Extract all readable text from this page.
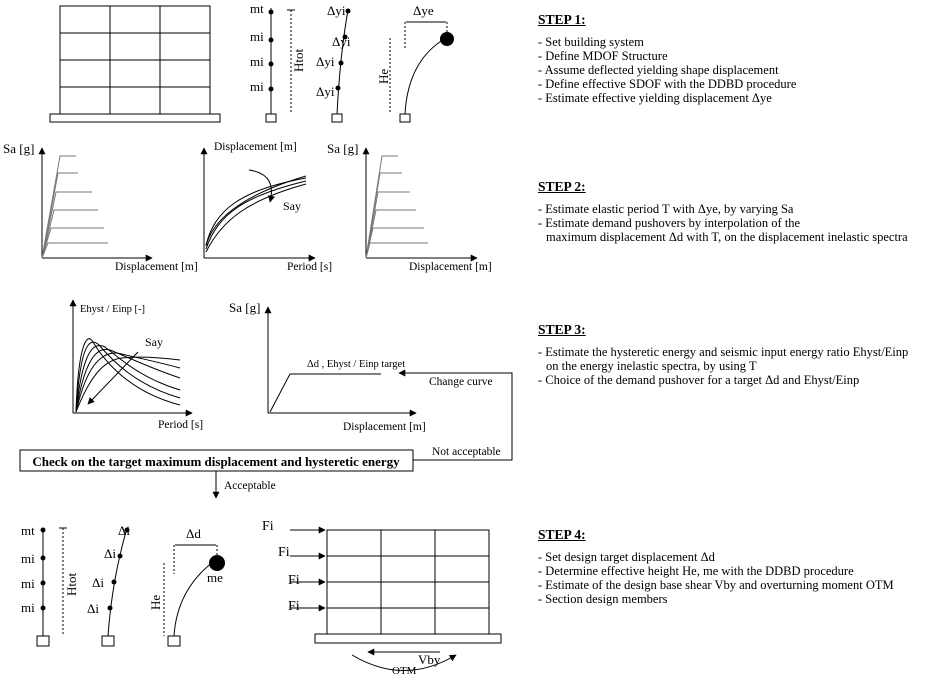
mt
mi
mi
mi
Htot
Δyi
Δyi
Δyi
Δyi
Δye
He
Sa [g]
Displacement [m]	Period [s]
Displacement [m]
Say
Sa [g]
Displacement [m]
Ehyst / Einp [-]
Say
Period [s]
Sa [g]
Δd , Ehyst / Einp target
Displacement [m]
Check on the target maximum displacement and hysteretic energy
Change curve
Not acceptable
Acceptable
mt
mi
mi
mi
Htot
Δi
Δi
Δi
Δi
Δd
me
He
Fi
Fi
Fi
Fi
Vby
OTM
STEP 1:

- Set building system

- Define MDOF Structure

- Assume deflected yielding shape displacement

- Define effective SDOF with the DDBD procedure

- Estimate effective yielding displacement Δye

STEP 2:

- Estimate elastic period T with Δye, by varying Sa

- Estimate demand pushovers by interpolation of the

maximum displacement Δd with T, on the displacement inelastic spectra

STEP 3:

- Estimate the hysteretic energy and seismic input energy ratio Ehyst/Einp

on the energy inelastic spectra, by using T

- Choice of the demand pushover for a target Δd and Ehyst/Einp

STEP 4:

- Set design target displacement Δd

- Determine effective height He, me with the DDBD procedure

- Estimate of the design base shear Vby and overturning moment OTM

- Section design members
